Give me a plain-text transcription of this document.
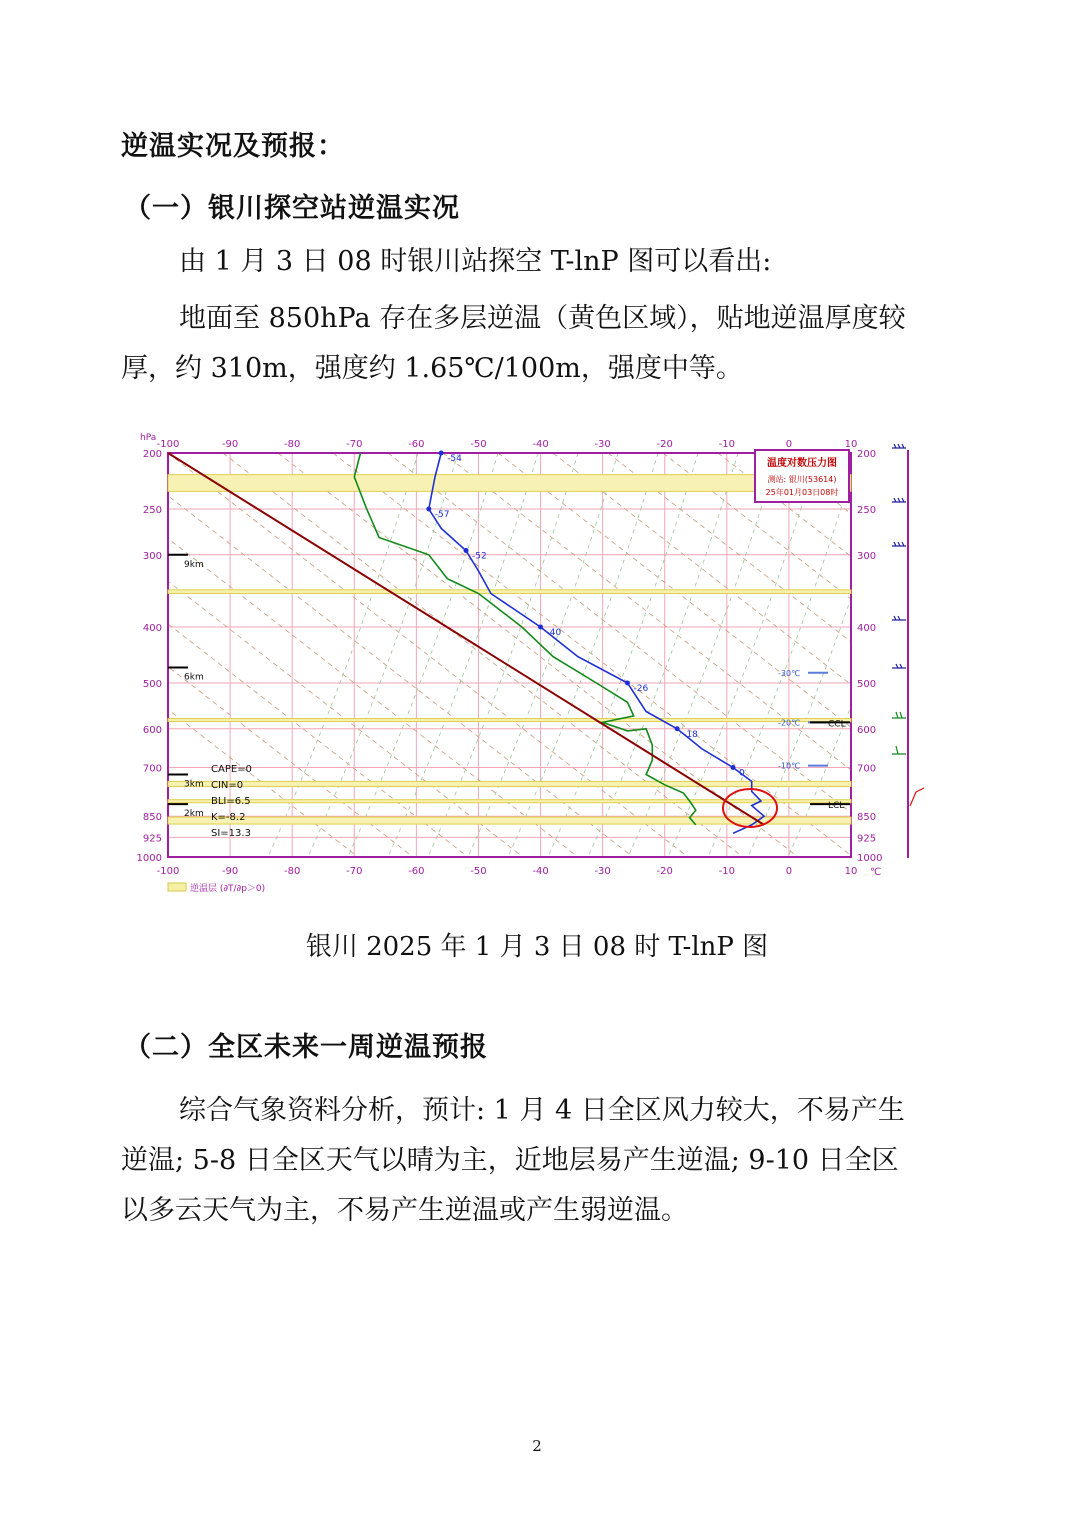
逆温实况及预报：
（一）银川探空站逆温实况
由 1 月 3 日 08 时银川站探空 T-lnP 图可以看出:
地面至 850hPa 存在多层逆温（黄色区域），贴地逆温厚度较
厚，约 310m，强度约 1.65℃/100m，强度中等。
-100
-100
-90
-90
-80
-80
-70
-70
-60
-60
-50
-50
-40
-40
-30
-30
-20
-20
-10
-10
0
0
10
10
200	200
250	250
300	300
400	400
500	500
600	600
700	700
850	850
925	925
1000	1000
9km
6km
3km
2km
-30℃
-20℃
-10℃
CCL
LCL
-54
-57
-52
-40
-26
-18
0
温度对数压力图
测站: 银川(53614)
25年01月03日08时
hPa
℃
逆温层 (∂T/∂p＞0)
CAPE=0
CIN=0
BLI=6.5
K=-8.2
SI=13.3
银川 2025 年 1 月 3 日 08 时 T-lnP 图
（二）全区未来一周逆温预报
综合气象资料分析，预计: 1 月 4 日全区风力较大，不易产生
逆温; 5-8 日全区天气以晴为主，近地层易产生逆温; 9-10 日全区
以多云天气为主，不易产生逆温或产生弱逆温。
2
